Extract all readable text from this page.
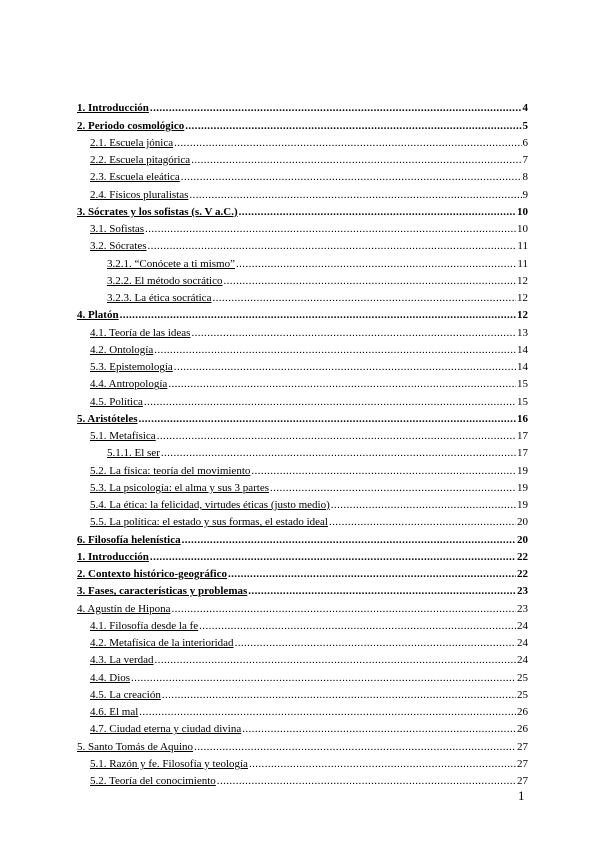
1. Introducción .....	4
2. Periodo cosmológico .....	5
2.1. Escuela jónica .....	6
2.2. Escuela pitagórica .....	7
2.3. Escuela eleática .....	8
2.4. Físicos pluralistas .....	9
3. Sócrates y los sofistas (s. V a.C.) .....	10
3.1. Sofistas .....	10
3.2. Sócrates .....	11
3.2.1. “Conócete a ti mismo” .....	11
3.2.2. El método socrático .....	12
3.2.3. La ética socrática .....	12
4. Platón .....	12
4.1. Teoría de las ideas .....	13
4.2. Ontología .....	14
5.3. Epistemología .....	14
4.4. Antropología .....	15
4.5. Política .....	15
5. Aristóteles .....	16
5.1. Metafísica .....	17
5.1.1. El ser .....	17
5.2. La física: teoría del movimiento .....	19
5.3. La psicología: el alma y sus 3 partes .....	19
5.4. La ética: la felicidad, virtudes éticas (justo medio) .....	19
5.5. La política: el estado y sus formas, el estado ideal .....	20
6. Filosofía helenística .....	20
1. Introducción .....	22
2. Contexto histórico-geográfico .....	22
3. Fases, características y problemas .....	23
4. Agustín de Hipona .....	23
4.1. Filosofía desde la fe .....	24
4.2. Metafísica de la interioridad .....	24
4.3. La verdad .....	24
4.4. Dios .....	25
4.5. La creación .....	25
4.6. El mal .....	26
4.7. Ciudad eterna y ciudad divina .....	26
5. Santo Tomás de Aquino .....	27
5.1. Razón y fe. Filosofía y teología .....	27
5.2. Teoría del conocimiento .....	27
1
